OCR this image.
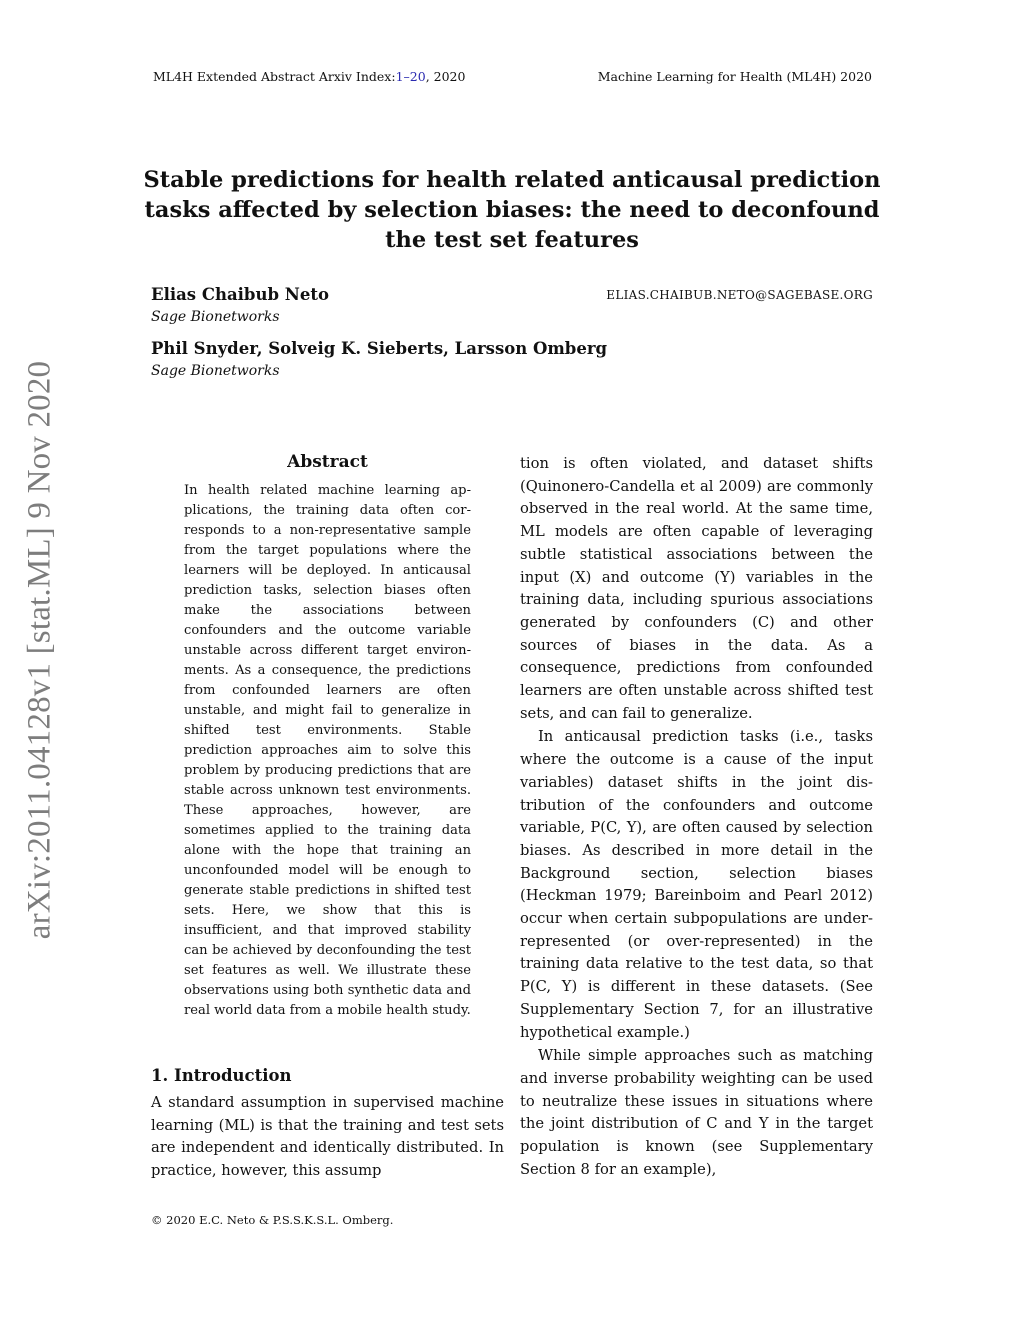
ML4H Extended Abstract Arxiv Index:1–20, 2020	Machine Learning for Health (ML4H) 2020
arXiv:2011.04128v1 [stat.ML] 9 Nov 2020
Stable predictions for health related anticausal prediction
tasks affected by selection biases: the need to deconfound
the test set features
Elias Chaibub Neto	ELIAS.CHAIBUB.NETO@SAGEBASE.ORG
Sage Bionetworks
Phil Snyder, Solveig K. Sieberts, Larsson Omberg
Sage Bionetworks
Abstract

In health related machine learning applications, the training data often corresponds to a non-representative sample from the target populations where the learners will be deployed. In anticausal prediction tasks, selection biases often make the associations between confounders and the outcome variable unstable across different target environments. As a consequence, the predictions from confounded learners are often unstable, and might fail to generalize in shifted test environments. Stable prediction approaches aim to solve this problem by producing predictions that are stable across unknown test environments. These approaches, however, are sometimes applied to the training data alone with the hope that training an unconfounded model will be enough to generate stable predictions in shifted test sets. Here, we show that this is insufficient, and that improved stability can be achieved by deconfounding the test set features as well. We illustrate these observations using both synthetic data and real world data from a mobile health study.

1. Introduction

A standard assumption in supervised machine learning (ML) is that the training and test sets are independent and identically distributed. In practice, however, this assump

tion is often violated, and dataset shifts (Quinonero-Candella et al 2009) are commonly observed in the real world. At the same time, ML models are often capable of leveraging subtle statistical associations between the input (X) and outcome (Y) variables in the training data, including spurious associations generated by confounders (C) and other sources of biases in the data. As a consequence, predictions from confounded learners are often unstable across shifted test sets, and can fail to generalize.

In anticausal prediction tasks (i.e., tasks where the outcome is a cause of the input variables) dataset shifts in the joint distribution of the confounders and outcome variable, P(C, Y), are often caused by selection biases. As described in more detail in the Background section, selection biases (Heckman 1979; Bareinboim and Pearl 2012) occur when certain subpopulations are under-represented (or over-represented) in the training data relative to the test data, so that P(C, Y) is different in these datasets. (See Supplementary Section 7, for an illustrative hypothetical example.)

While simple approaches such as matching and inverse probability weighting can be used to neutralize these issues in situations where the joint distribution of C and Y in the target population is known (see Supplementary Section 8 for an example),

© 2020 E.C. Neto & P.S.S.K.S.L. Omberg.
